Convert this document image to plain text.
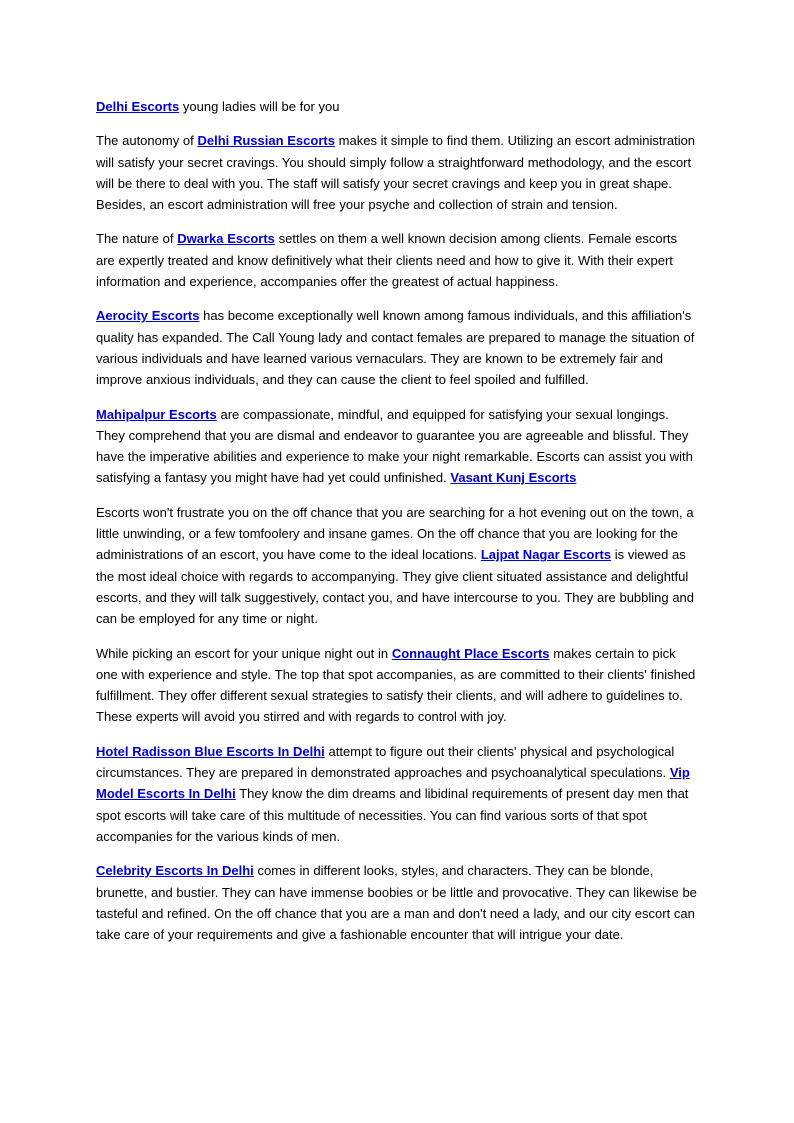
Delhi Escorts young ladies will be for you

The autonomy of Delhi Russian Escorts makes it simple to find them. Utilizing an escort administration will satisfy your secret cravings. You should simply follow a straightforward methodology, and the escort will be there to deal with you. The staff will satisfy your secret cravings and keep you in great shape. Besides, an escort administration will free your psyche and collection of strain and tension.

The nature of Dwarka Escorts settles on them a well known decision among clients. Female escorts are expertly treated and know definitively what their clients need and how to give it. With their expert information and experience, accompanies offer the greatest of actual happiness.

Aerocity Escorts has become exceptionally well known among famous individuals, and this affiliation's quality has expanded. The Call Young lady and contact females are prepared to manage the situation of various individuals and have learned various vernaculars. They are known to be extremely fair and improve anxious individuals, and they can cause the client to feel spoiled and fulfilled.

Mahipalpur Escorts are compassionate, mindful, and equipped for satisfying your sexual longings. They comprehend that you are dismal and endeavor to guarantee you are agreeable and blissful. They have the imperative abilities and experience to make your night remarkable. Escorts can assist you with satisfying a fantasy you might have had yet could unfinished. Vasant Kunj Escorts

Escorts won't frustrate you on the off chance that you are searching for a hot evening out on the town, a little unwinding, or a few tomfoolery and insane games. On the off chance that you are looking for the administrations of an escort, you have come to the ideal locations. Lajpat Nagar Escorts is viewed as the most ideal choice with regards to accompanying. They give client situated assistance and delightful escorts, and they will talk suggestively, contact you, and have intercourse to you. They are bubbling and can be employed for any time or night.

While picking an escort for your unique night out in Connaught Place Escorts makes certain to pick one with experience and style. The top that spot accompanies, as are committed to their clients' finished fulfillment. They offer different sexual strategies to satisfy their clients, and will adhere to guidelines to. These experts will avoid you stirred and with regards to control with joy.

Hotel Radisson Blue Escorts In Delhi attempt to figure out their clients' physical and psychological circumstances. They are prepared in demonstrated approaches and psychoanalytical speculations. Vip Model Escorts In Delhi They know the dim dreams and libidinal requirements of present day men that spot escorts will take care of this multitude of necessities. You can find various sorts of that spot accompanies for the various kinds of men.

Celebrity Escorts In Delhi comes in different looks, styles, and characters. They can be blonde, brunette, and bustier. They can have immense boobies or be little and provocative. They can likewise be tasteful and refined. On the off chance that you are a man and don't need a lady, and our city escort can take care of your requirements and give a fashionable encounter that will intrigue your date.
